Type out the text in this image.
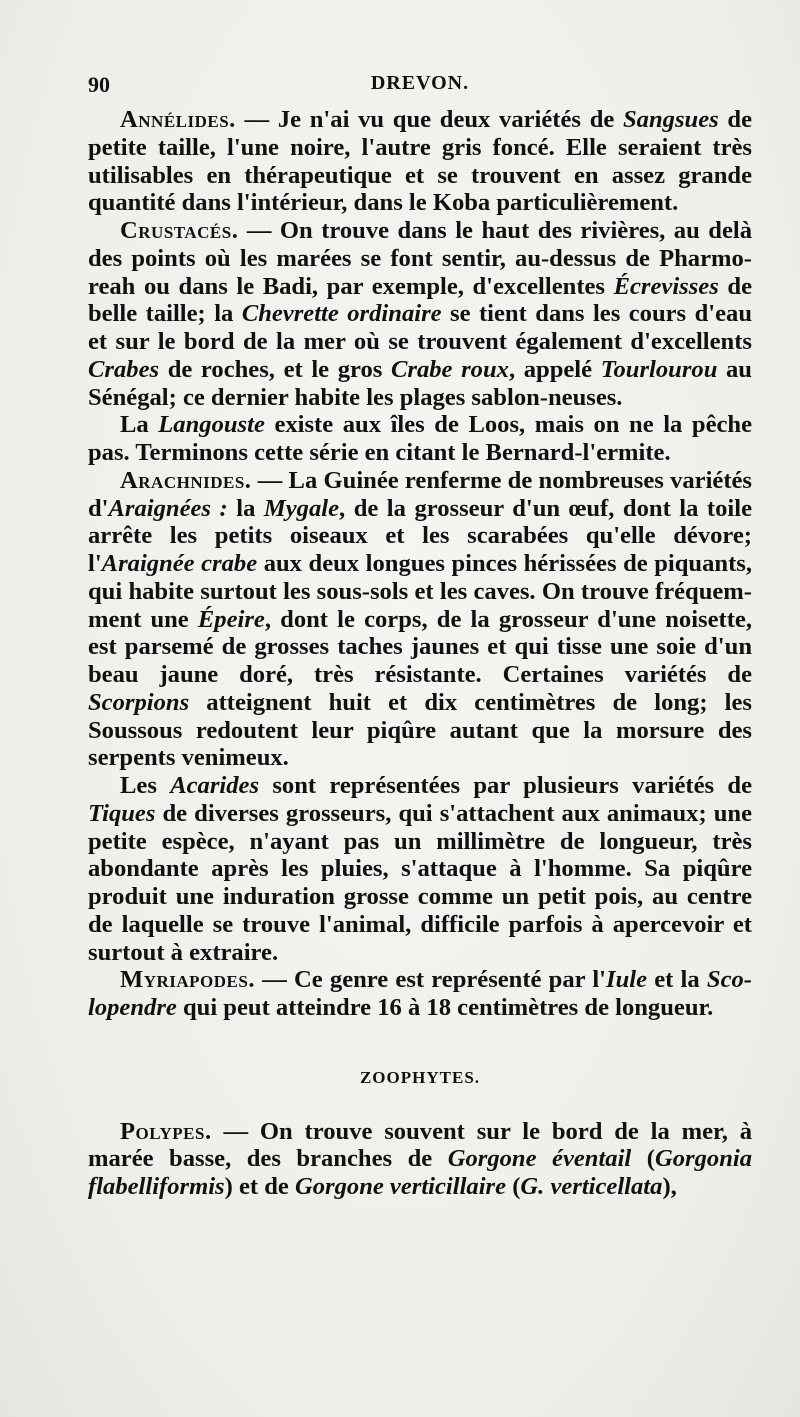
90	DREVON.

Annélides. — Je n'ai vu que deux variétés de Sangsues de petite taille, l'une noire, l'autre gris foncé. Elle seraient très utilisables en thérapeutique et se trouvent en assez grande quantité dans l'intérieur, dans le Koba particulièrement.

Crustacés. — On trouve dans le haut des rivières, au delà des points où les marées se font sentir, au-dessus de Pharmo-reah ou dans le Badi, par exemple, d'excellentes Écrevisses de belle taille; la Chevrette ordinaire se tient dans les cours d'eau et sur le bord de la mer où se trouvent également d'excellents Crabes de roches, et le gros Crabe roux, appelé Tourlourou au Sénégal; ce dernier habite les plages sablon-neuses.

La Langouste existe aux îles de Loos, mais on ne la pêche pas. Terminons cette série en citant le Bernard-l'ermite.

Arachnides. — La Guinée renferme de nombreuses variétés d'Araignées : la Mygale, de la grosseur d'un œuf, dont la toile arrête les petits oiseaux et les scarabées qu'elle dévore; l'Araignée crabe aux deux longues pinces hérissées de piquants, qui habite surtout les sous-sols et les caves. On trouve fréquem-ment une Épeire, dont le corps, de la grosseur d'une noisette, est parsemé de grosses taches jaunes et qui tisse une soie d'un beau jaune doré, très résistante. Certaines variétés de Scorpions atteignent huit et dix centimètres de long; les Soussous redoutent leur piqûre autant que la morsure des serpents venimeux.

Les Acarides sont représentées par plusieurs variétés de Tiques de diverses grosseurs, qui s'attachent aux animaux; une petite espèce, n'ayant pas un millimètre de longueur, très abondante après les pluies, s'attaque à l'homme. Sa piqûre produit une induration grosse comme un petit pois, au centre de laquelle se trouve l'animal, difficile parfois à apercevoir et surtout à extraire.

Myriapodes. — Ce genre est représenté par l'Iule et la Sco-lopendre qui peut atteindre 16 à 18 centimètres de longueur.

ZOOPHYTES.

Polypes. — On trouve souvent sur le bord de la mer, à marée basse, des branches de Gorgone éventail (Gorgonia flabelliformis) et de Gorgone verticillaire (G. verticellata),
